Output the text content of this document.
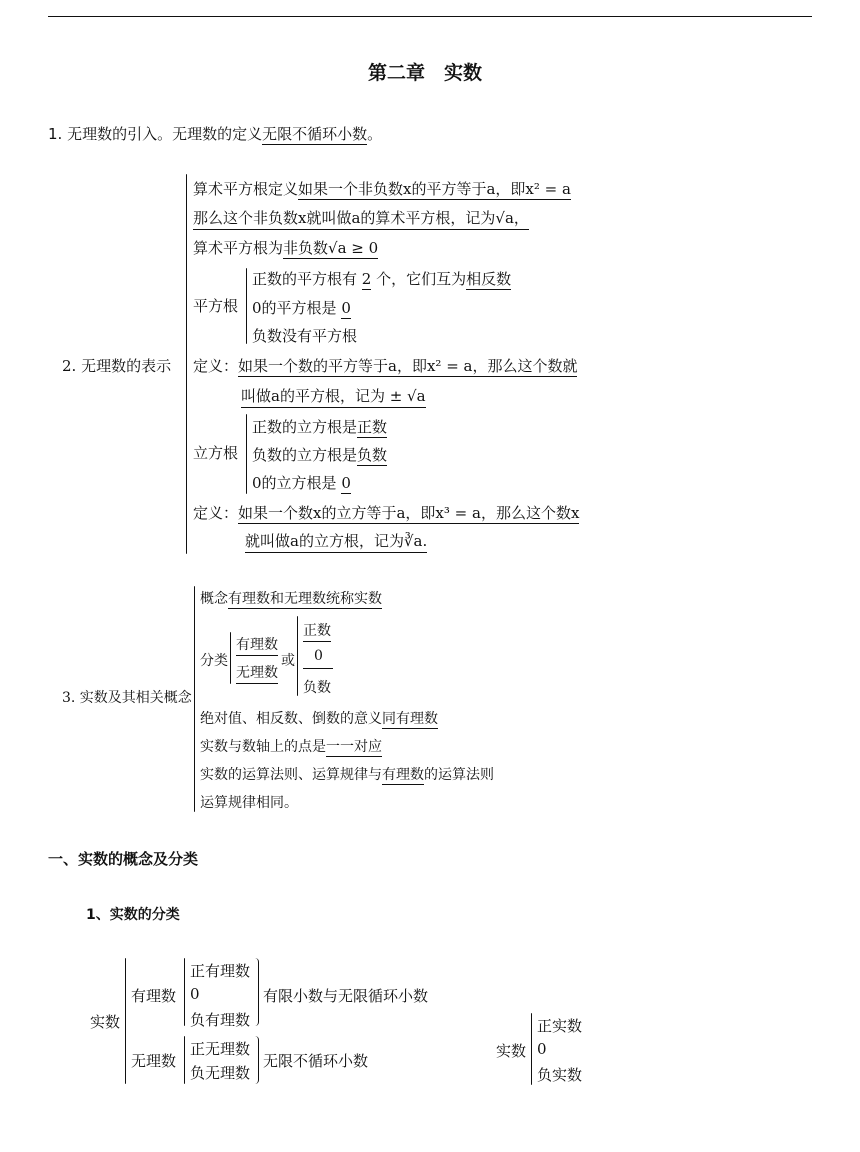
第二章　实数
1. 无理数的引入。无理数的定义无限不循环小数。
2. 无理数的表示
算术平方根定义如果一个非负数x的平方等于a，即x² = a
那么这个非负数x就叫做a的算术平方根，记为√a，
算术平方根为非负数√a ≥ 0
平方根
正数的平方根有 2 个，它们互为相反数
0的平方根是 0
负数没有平方根
定义：如果一个数的平方等于a，即x² = a，那么这个数就
叫做a的平方根，记为 ± √a
立方根
正数的立方根是正数
负数的立方根是负数
0的立方根是 0
定义：如果一个数x的立方等于a，即x³ = a，那么这个数x
就叫做a的立方根，记为∛a.
3. 实数及其相关概念
概念有理数和无理数统称实数
分类
有理数
无理数
或
正数
0
负数
绝对值、相反数、倒数的意义同有理数
实数与数轴上的点是一一对应
实数的运算法则、运算规律与有理数的运算法则
运算规律相同。
一、实数的概念及分类
1、实数的分类
实数
有理数
正有理数
0
负有理数
有限小数与无限循环小数
无理数
正无理数
负无理数
无限不循环小数
实数
正实数
0
负实数
